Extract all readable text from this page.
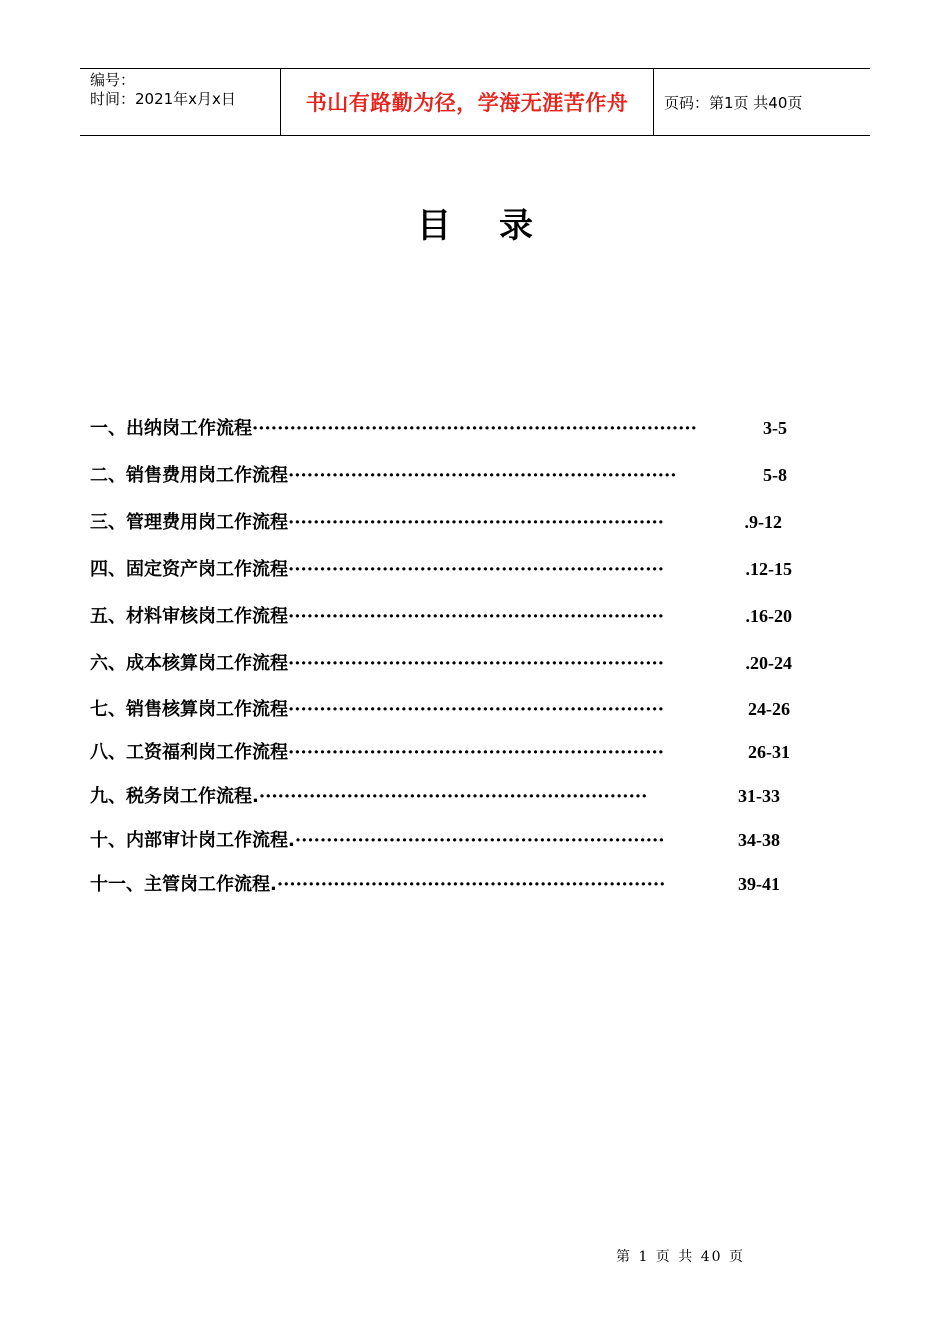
编号：
时间：2021年x月x日	书山有路勤为径，学海无涯苦作舟	页码：第1页 共40页
目录
一、出纳岗工作流程 ·······································································	3-5
二、销售费用岗工作流程 ······························································	5-8
三、管理费用岗工作流程 ····························································	.9-12
四、固定资产岗工作流程 ····························································	.12-15
五、材料审核岗工作流程 ····························································	.16-20
六、成本核算岗工作流程 ····························································	.20-24
七、销售核算岗工作流程 ····························································	24-26
八、工资福利岗工作流程 ····························································	26-31
九、税务岗工作流程. ······························································	31-33
十、内部审计岗工作流程. ···························································	34-38
十一、主管岗工作流程. ······························································	39-41
第 1 页 共 40 页
